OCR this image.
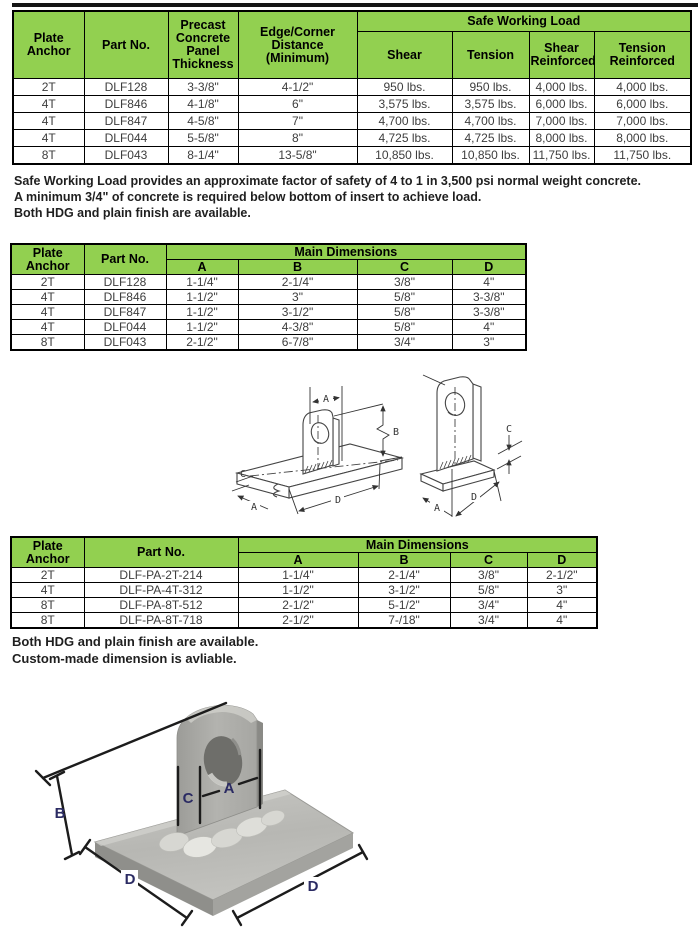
Plate Anchor	Part No.	Precast Concrete Panel Thickness	Edge/Corner Distance (Minimum)	Safe Working Load			
				Shear	Tension	Shear Reinforced	Tension Reinforced
2T	DLF128	3-3/8"	4-1/2"	950 lbs.	950 lbs.	4,000 lbs.	4,000 lbs.
4T	DLF846	4-1/8"	6"	3,575 lbs.	3,575 lbs.	6,000 lbs.	6,000 lbs.
4T	DLF847	4-5/8"	7"	4,700 lbs.	4,700 lbs.	7,000 lbs.	7,000 lbs.
4T	DLF044	5-5/8"	8"	4,725 lbs.	4,725 lbs.	8,000 lbs.	8,000 lbs.
8T	DLF043	8-1/4"	13-5/8"	10,850 lbs.	10,850 lbs.	11,750 lbs.	11,750 lbs.
Safe Working Load provides an approximate factor of safety of 4 to 1 in 3,500 psi normal weight concrete.
A minimum 3/4" of concrete is required below bottom of insert to achieve load.
Both HDG and plain finish are available.
Plate Anchor	Part No.	Main Dimensions			
		A	B	C	D
2T	DLF128	1-1/4"	2-1/4"	3/8"	4"
4T	DLF846	1-1/2"	3"	5/8"	3-3/8"
4T	DLF847	1-1/2"	3-1/2"	5/8"	3-3/8"
4T	DLF044	1-1/2"	4-3/8"	5/8"	4"
8T	DLF043	2-1/2"	6-7/8"	3/4"	3"
A
B
C
A
D
C
A
D
Plate Anchor	Part No.	Main Dimensions			
		A	B	C	D
2T	DLF-PA-2T-214	1-1/4"	2-1/4"	3/8"	2-1/2"
4T	DLF-PA-4T-312	1-1/2"	3-1/2"	5/8"	3"
8T	DLF-PA-8T-512	2-1/2"	5-1/2"	3/4"	4"
8T	DLF-PA-8T-718	2-1/2"	7-/18"	3/4"	4"
Both HDG and plain finish are available.
Custom-made dimension is avliable.
B
C
A
D	D
